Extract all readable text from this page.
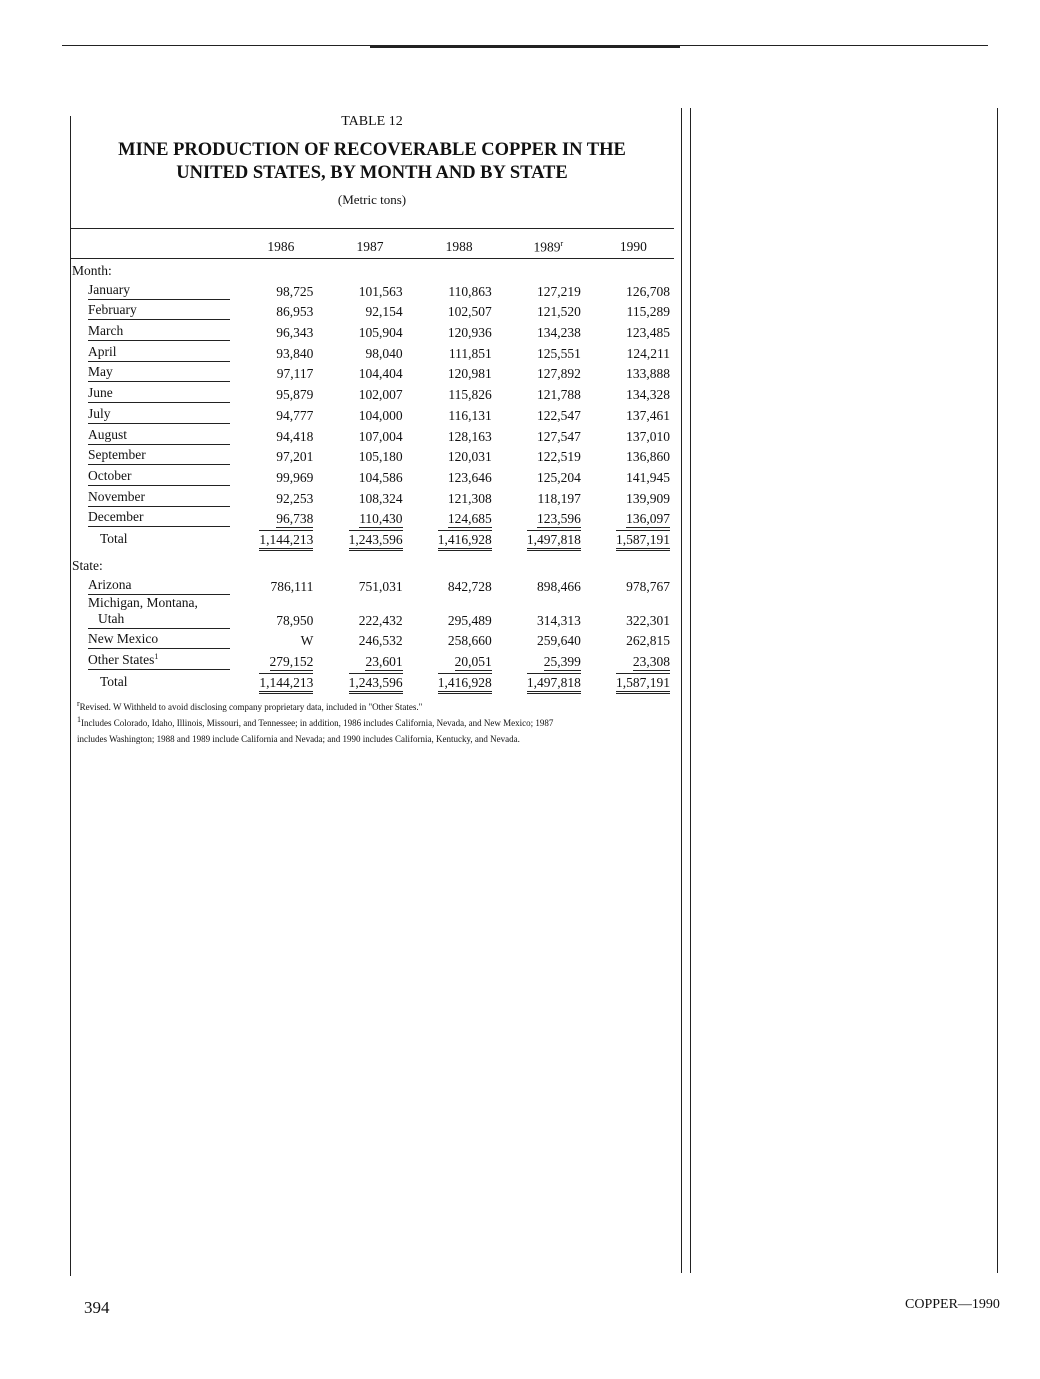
TABLE 12
MINE PRODUCTION OF RECOVERABLE COPPER IN THE
UNITED STATES, BY MONTH AND BY STATE
(Metric tons)
	1986	1987	1988	1989$^r$	1990
Month:					

January	98,725	101,563	110,863	127,219	126,708

February	86,953	92,154	102,507	121,520	115,289

March	96,343	105,904	120,936	134,238	123,485

April	93,840	98,040	111,851	125,551	124,211

May	97,117	104,404	120,981	127,892	133,888

June	95,879	102,007	115,826	121,788	134,328

July	94,777	104,000	116,131	122,547	137,461

August	94,418	107,004	128,163	127,547	137,010

September	97,201	105,180	120,031	122,519	136,860

October	99,969	104,586	123,646	125,204	141,945

November	92,253	108,324	121,308	118,197	139,909

December	96,738	110,430	124,685	123,596	136,097

Total	1,144,213	1,243,596	1,416,928	1,497,818	1,587,191
State:					

Arizona	786,111	751,031	842,728	898,466	978,767

Michigan, Montana,
Utah	78,950	222,432	295,489	314,313	322,301

New Mexico	W	246,532	258,660	259,640	262,815

Other States$^1$	279,152	23,601	20,051	25,399	23,308

Total	1,144,213	1,243,596	1,416,928	1,497,818	1,587,191
$^r$Revised. W Withheld to avoid disclosing company proprietary data, included in "Other States."
$^1$Includes Colorado, Idaho, Illinois, Missouri, and Tennessee; in addition, 1986 includes California, Nevada, and New Mexico; 1987
includes Washington; 1988 and 1989 include California and Nevada; and 1990 includes California, Kentucky, and Nevada.
394	COPPER—1990
